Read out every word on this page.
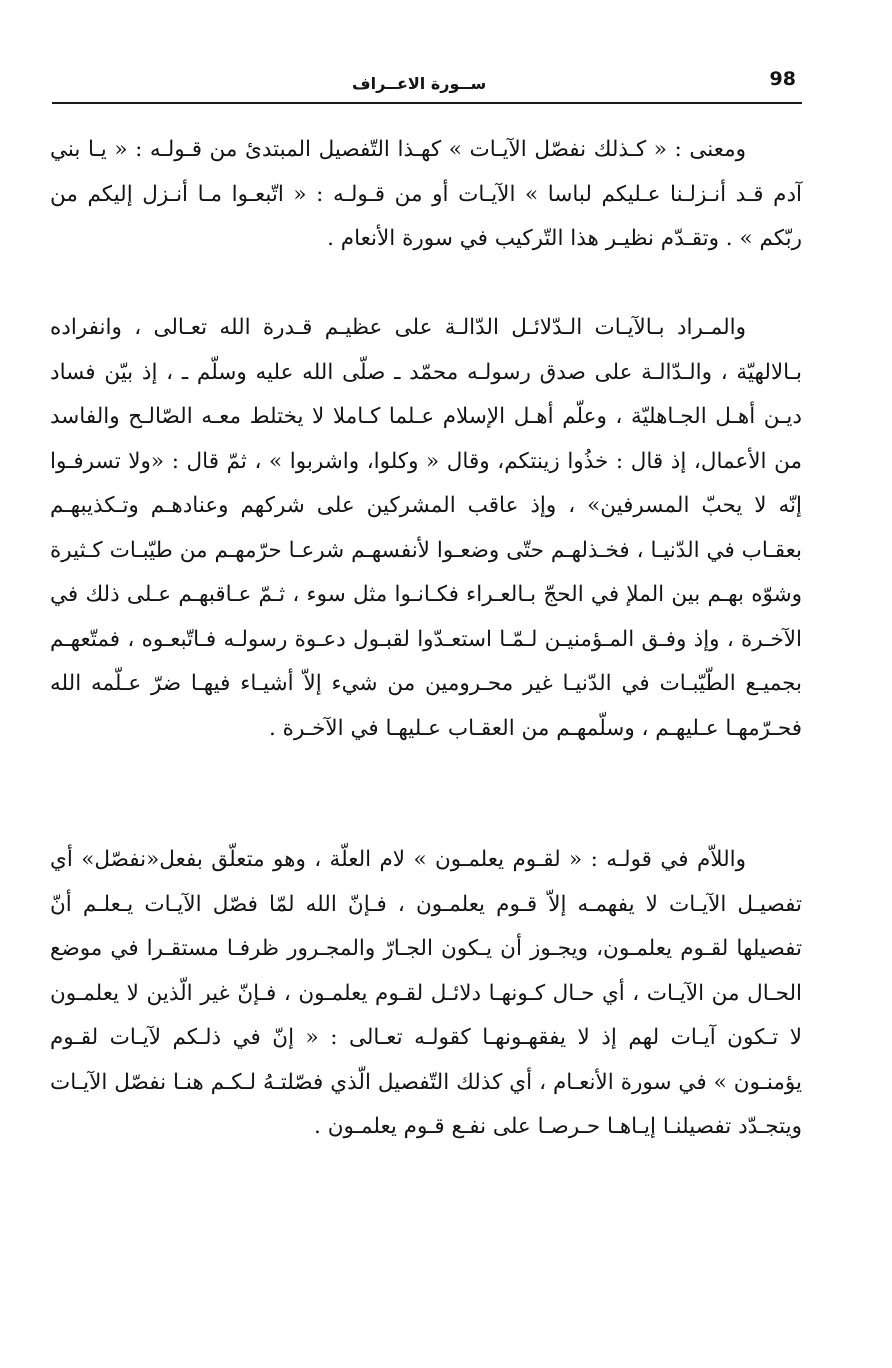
98
ســورة الاعــراف

ومعنى : « كـذلك نفصّل الآيـات » كهـذا التّفصيل المبتدئ من قـولـه : « يـا بني آدم قـد أنـزلـنا عـليكم لباسا » الآيـات أو من قـولـه : « اتّبعـوا مـا أنـزل إليكم من ربّكم » . وتقـدّم نظيـر هذا التّركيب في سورة الأنعام .

والمـراد بـالآيـات الـدّلائـل الدّالـة على عظيـم قـدرة الله تعـالى ، وانفراده بـالالهيّة ، والـدّالـة على صدق رسولـه محمّد ـ صلّى الله عليه وسلّم ـ ، إذ بيّن فساد ديـن أهـل الجـاهليّة ، وعلّم أهـل الإسلام عـلما كـاملا لا يختلط معـه الصّالـح والفاسد من الأعمال، إذ قال : خذُوا زينتكم، وقال « وكلوا، واشربوا » ، ثمّ قال : «ولا تسرفـوا إنّه لا يحبّ المسرفين» ، وإذ عاقب المشركين على شركهم وعنادهـم وتـكذيبهـم بعقـاب في الدّنيـا ، فخـذلهـم حتّى وضعـوا لأنفسهـم شرعـا حرّمهـم من طيّبـات كـثيرة وشوّه بهـم بين الملإ في الحجّ بـالعـراء فكـانـوا مثل سوء ، ثـمّ عـاقبهـم عـلى ذلك في الآخـرة ، وإذ وفـق المـؤمنيـن لـمّـا استعـدّوا لقبـول دعـوة رسولـه فـاتّبعـوه ، فمتّعهـم بجميـع الطّيّبـات في الدّنيـا غير محـرومين من شيء إلاّ أشيـاء فيهـا ضرّ عـلّمه الله فحـرّمهـا عـليهـم ، وسلّمهـم من العقـاب عـليهـا في الآخـرة .

واللاّم في قولـه : « لقـوم يعلمـون » لام العلّة ، وهو متعلّق بفعل«نفصّل» أي تفصيـل الآيـات لا يفهمـه إلاّ قـوم يعلمـون ، فـإنّ الله لمّا فصّل الآيـات يـعلـم أنّ تفصيلها لقـوم يعلمـون، ويجـوز أن يـكون الجـارّ والمجـرور ظرفـا مستقـرا في موضع الحـال من الآيـات ، أي حـال كـونهـا دلائـل لقـوم يعلمـون ، فـإنّ غير الّذين لا يعلمـون لا تـكون آيـات لهم إذ لا يفقهـونهـا كقولـه تعـالى : « إنّ في ذلـكم لآيـات لقـوم يؤمنـون » في سورة الأنعـام ، أي كذلك التّفصيل الّذي فصّلتـهُ لـكـم هنـا نفصّل الآيـات ويتجـدّد تفصيلنـا إيـاهـا حـرصـا على نفـع قـوم يعلمـون .
